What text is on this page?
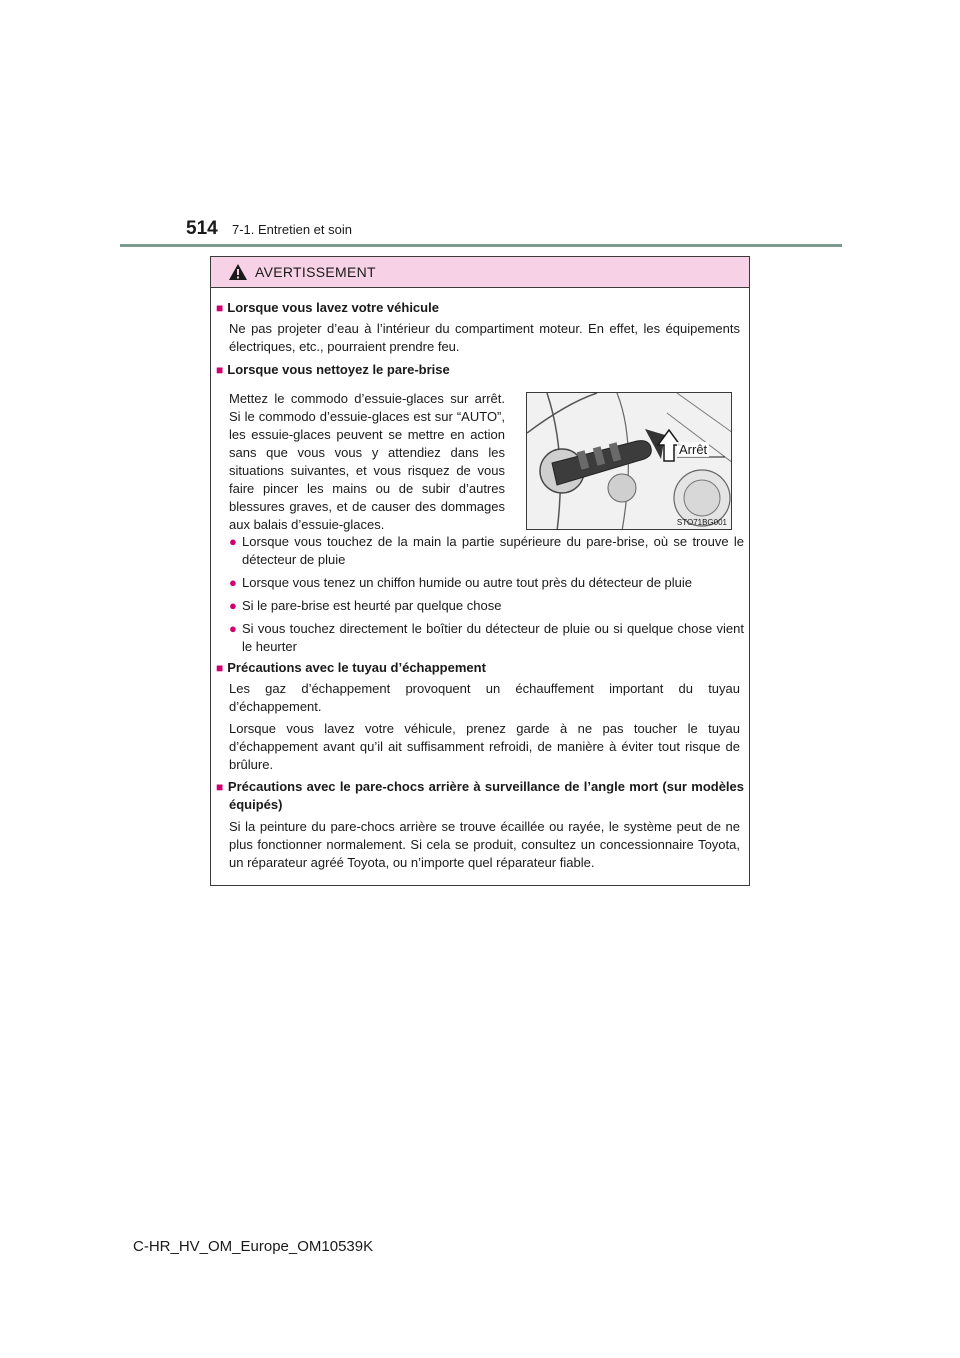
514 7-1. Entretien et soin
AVERTISSEMENT
■ Lorsque vous lavez votre véhicule
Ne pas projeter d’eau à l’intérieur du compartiment moteur. En effet, les équipements électriques, etc., pourraient prendre feu.
■ Lorsque vous nettoyez le pare-brise
Mettez le commodo d’essuie-glaces sur arrêt. Si le commodo d’essuie-glaces est sur “AUTO”, les essuie-glaces peuvent se mettre en action sans que vous vous y attendiez dans les situations suivantes, et vous risquez de vous faire pincer les mains ou de subir d’autres blessures graves, et de causer des dommages aux balais d’essuie-glaces.
Arrêt
STO71BG001
● Lorsque vous touchez de la main la partie supérieure du pare-brise, où se trouve le détecteur de pluie
● Lorsque vous tenez un chiffon humide ou autre tout près du détecteur de pluie
● Si le pare-brise est heurté par quelque chose
● Si vous touchez directement le boîtier du détecteur de pluie ou si quelque chose vient le heurter
■ Précautions avec le tuyau d’échappement
Les gaz d’échappement provoquent un échauffement important du tuyau d’échappement.
Lorsque vous lavez votre véhicule, prenez garde à ne pas toucher le tuyau d’échappement avant qu’il ait suffisamment refroidi, de manière à éviter tout risque de brûlure.
■ Précautions avec le pare-chocs arrière à surveillance de l’angle mort (sur modèles équipés)
Si la peinture du pare-chocs arrière se trouve écaillée ou rayée, le système peut de ne plus fonctionner normalement. Si cela se produit, consultez un concessionnaire Toyota, un réparateur agréé Toyota, ou n’importe quel réparateur fiable.
C-HR_HV_OM_Europe_OM10539K
